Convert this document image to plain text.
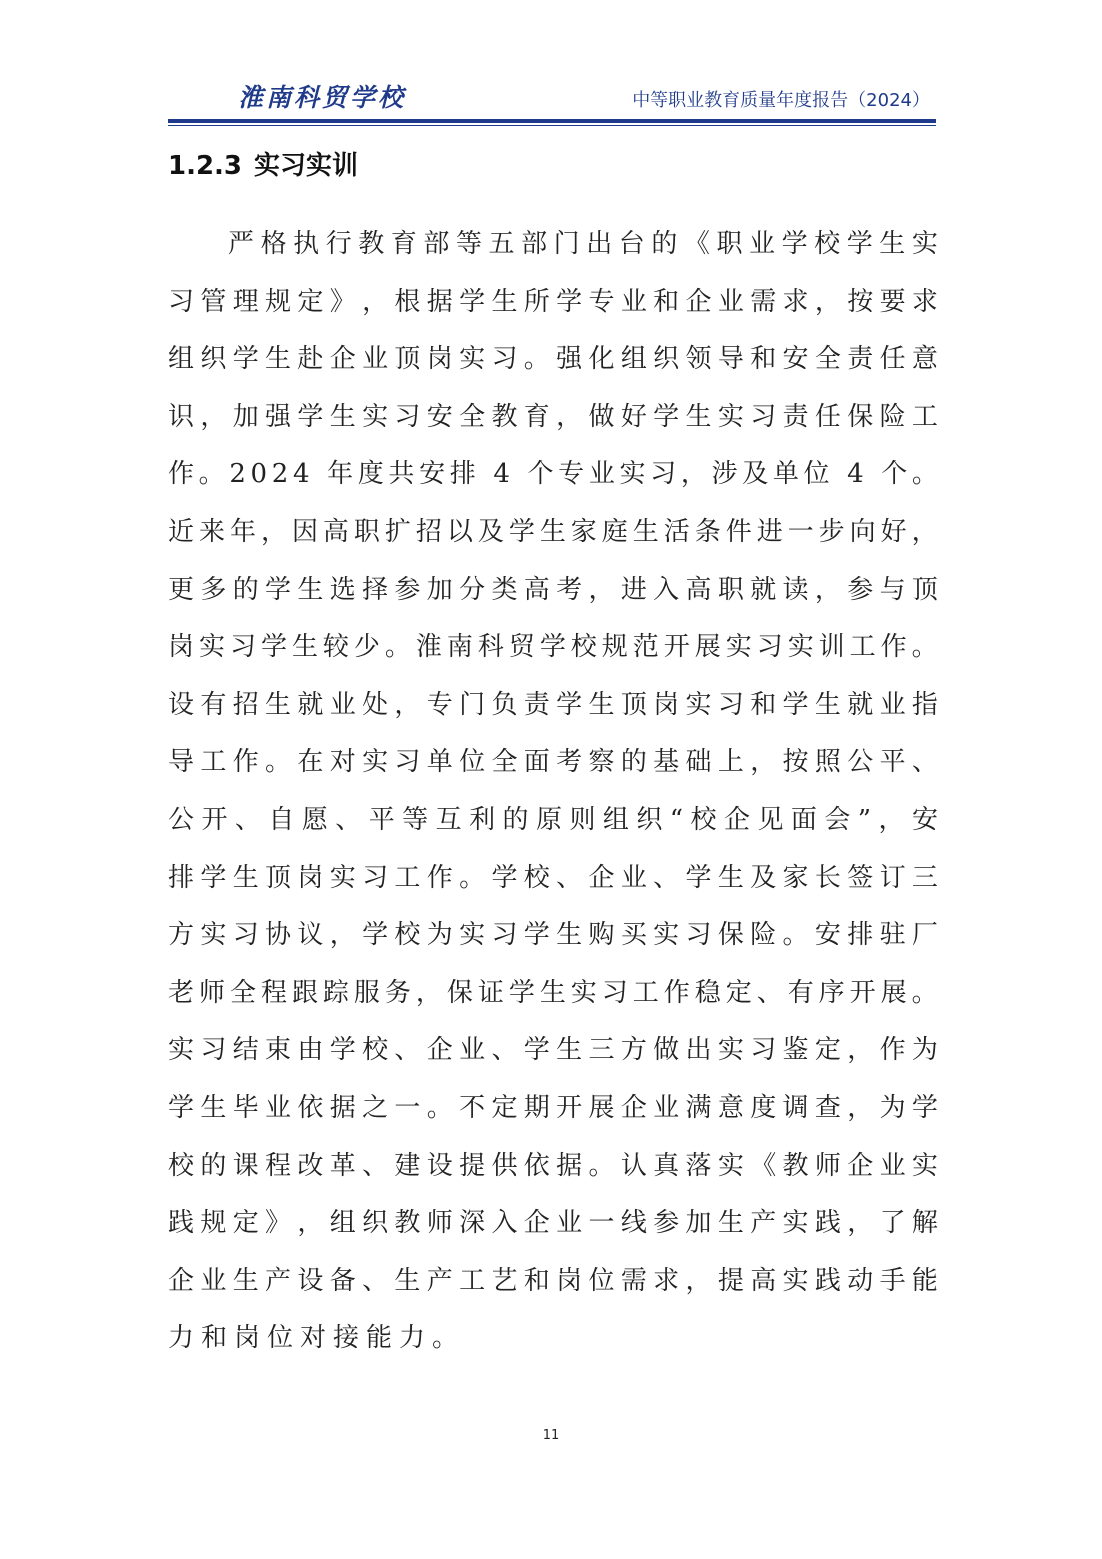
淮南科贸学校	中等职业教育质量年度报告（2024）
1.2.3 实习实训
严 格 执 行 教 育 部 等 五 部 门 出 台 的 《 职 业 学 校 学 生 实
习 管 理 规 定 》 ， 根 据 学 生 所 学 专 业 和 企 业 需 求 ， 按 要 求
组 织 学 生 赴 企 业 顶 岗 实 习 。 强 化 组 织 领 导 和 安 全 责 任 意
识 ， 加 强 学 生 实 习 安 全 教 育 ， 做 好 学 生 实 习 责 任 保 险 工
作 。 2 0 2 4
年 度 共 安 排
4
个 专 业 实 习 ， 涉 及 单 位
4
个 。
近 来 年 ， 因 高 职 扩 招 以 及 学 生 家 庭 生 活 条 件 进 一 步 向 好 ，
更 多 的 学 生 选 择 参 加 分 类 高 考 ， 进 入 高 职 就 读 ， 参 与 顶
岗 实 习 学 生 较 少 。 淮 南 科 贸 学 校 规 范 开 展 实 习 实 训 工 作 。
设 有 招 生 就 业 处 ， 专 门 负 责 学 生 顶 岗 实 习 和 学 生 就 业 指
导 工 作 。 在 对 实 习 单 位 全 面 考 察 的 基 础 上 ， 按 照 公 平 、
公 开 、 自 愿 、 平 等 互 利 的 原 则 组 织 “ 校 企 见 面 会 ” ， 安
排 学 生 顶 岗 实 习 工 作 。 学 校 、 企 业 、 学 生 及 家 长 签 订 三
方 实 习 协 议 ， 学 校 为 实 习 学 生 购 买 实 习 保 险 。 安 排 驻 厂
老 师 全 程 跟 踪 服 务 ， 保 证 学 生 实 习 工 作 稳 定 、 有 序 开 展 。
实 习 结 束 由 学 校 、 企 业 、 学 生 三 方 做 出 实 习 鉴 定 ， 作 为
学 生 毕 业 依 据 之 一 。 不 定 期 开 展 企 业 满 意 度 调 查 ， 为 学
校 的 课 程 改 革 、 建 设 提 供 依 据 。 认 真 落 实 《 教 师 企 业 实
践 规 定 》 ， 组 织 教 师 深 入 企 业 一 线 参 加 生 产 实 践 ， 了 解
企 业 生 产 设 备 、 生 产 工 艺 和 岗 位 需 求 ， 提 高 实 践 动 手 能
力和岗位对接能力。
11
